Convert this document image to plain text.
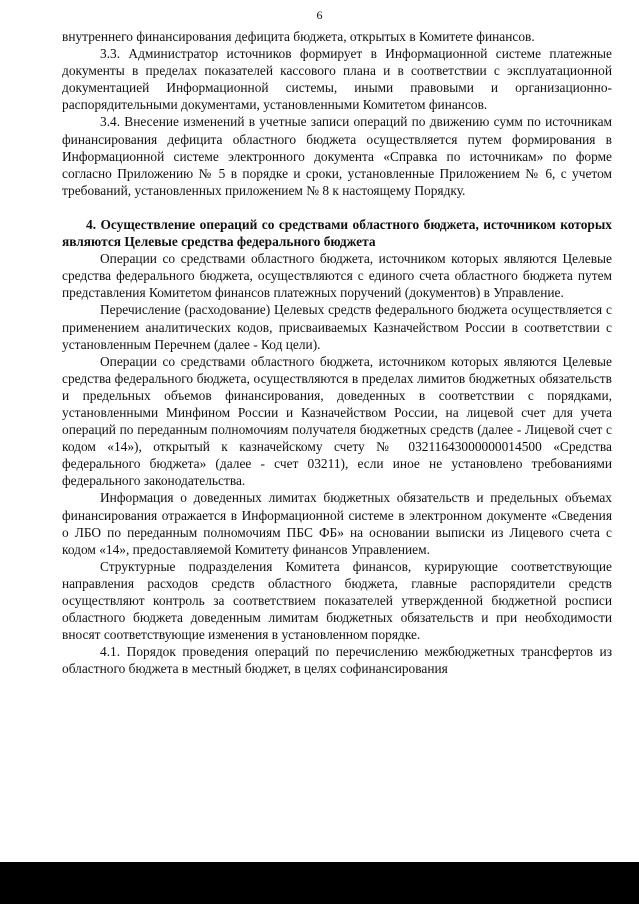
6

внутреннего финансирования дефицита бюджета, открытых в Комитете финансов.

3.3. Администратор источников формирует в Информационной системе платежные документы в пределах показателей кассового плана и в соответствии с эксплуатационной документацией Информационной системы, иными правовыми и организационно-распорядительными документами, установленными Комитетом финансов.

3.4. Внесение изменений в учетные записи операций по движению сумм по источникам финансирования дефицита областного бюджета осуществляется путем формирования в Информационной системе электронного документа «Справка по источникам» по форме согласно Приложению № 5 в порядке и сроки, установленные Приложением № 6, с учетом требований, установленных приложением № 8 к настоящему Порядку.

4. Осуществление операций со средствами областного бюджета, источником которых являются Целевые средства федерального бюджета

Операции со средствами областного бюджета, источником которых являются Целевые средства федерального бюджета, осуществляются с единого счета областного бюджета путем представления Комитетом финансов платежных поручений (документов) в Управление.

Перечисление (расходование) Целевых средств федерального бюджета осуществляется с применением аналитических кодов, присваиваемых Казначейством России в соответствии с установленным Перечнем (далее - Код цели).

Операции со средствами областного бюджета, источником которых являются Целевые средства федерального бюджета, осуществляются в пределах лимитов бюджетных обязательств и предельных объемов финансирования, доведенных в соответствии с порядками, установленными Минфином России и Казначейством России, на лицевой счет для учета операций по переданным полномочиям получателя бюджетных средств (далее - Лицевой счет с кодом «14»), открытый к казначейскому счету № 03211643000000014500 «Средства федерального бюджета» (далее - счет 03211), если иное не установлено требованиями федерального законодательства.

Информация о доведенных лимитах бюджетных обязательств и предельных объемах финансирования отражается в Информационной системе в электронном документе «Сведения о ЛБО по переданным полномочиям ПБС ФБ» на основании выписки из Лицевого счета с кодом «14», предоставляемой Комитету финансов Управлением.

Структурные подразделения Комитета финансов, курирующие соответствующие направления расходов средств областного бюджета, главные распорядители средств осуществляют контроль за соответствием показателей утвержденной бюджетной росписи областного бюджета доведенным лимитам бюджетных обязательств и при необходимости вносят соответствующие изменения в установленном порядке.

4.1. Порядок проведения операций по перечислению межбюджетных трансфертов из областного бюджета в местный бюджет, в целях софинансирования
